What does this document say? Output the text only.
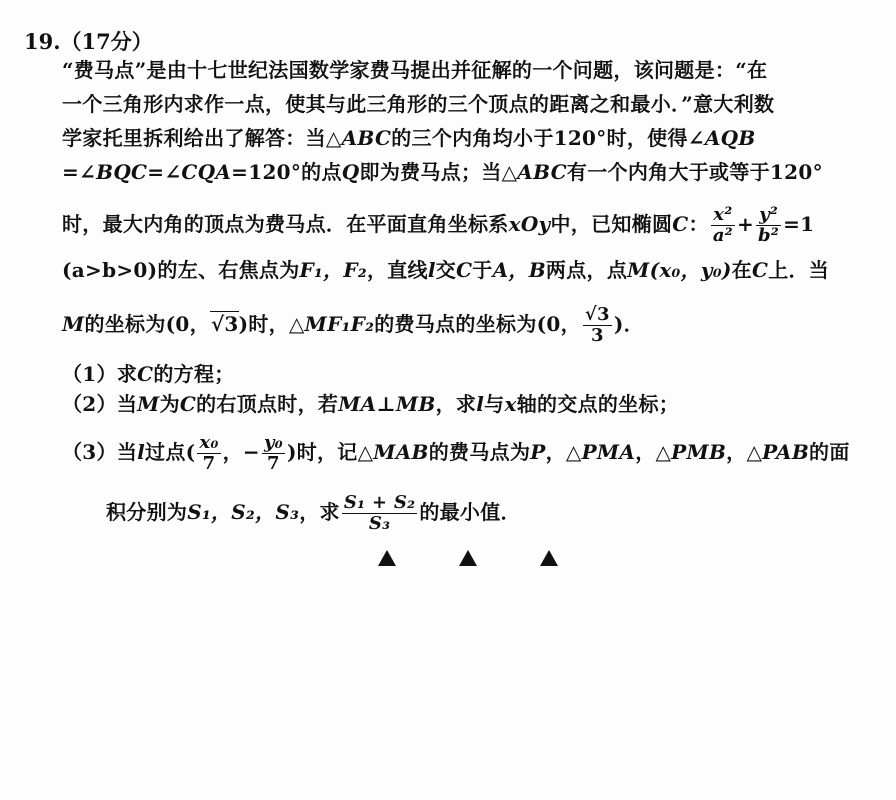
19.（17分）
“费马点”是由十七世纪法国数学家费马提出并征解的一个问题，该问题是：“在
一个三角形内求作一点，使其与此三角形的三个顶点的距离之和最小．”意大利数
学家托里拆利给出了解答：当△ABC的三个内角均小于120°时，使得∠AQB
=∠BQC=∠CQA=120°的点Q即为费马点；当△ABC有一个内角大于或等于120°
时，最大内角的顶点为费马点．在平面直角坐标系xOy中，已知椭圆C： $\frac{\text{x²}}{\text{a²}} + \frac{\text{y²}}{\text{b²}} =1$
(a>b>0)的左、右焦点为F₁，F₂，直线l交C于A，B两点，点M(x₀，y₀)在C上．当
M的坐标为(0，√3)时，△MF₁F₂的费马点的坐标为(0， $\frac{√3}{3}$ )．
（1）求C的方程；
（2）当M为C的右顶点时，若MA⊥MB，求l与x轴的交点的坐标；
（3）当l过点( $\frac{\text{x₀}}{7}$ ，− $\frac{\text{y₀}}{7}$ )时，记△MAB的费马点为P，△PMA，△PMB，△PAB的面
积分别为S₁，S₂，S₃，求 $\frac{\text{S₁ + S₂}}{\text{S₃}}$ 的最小值．
